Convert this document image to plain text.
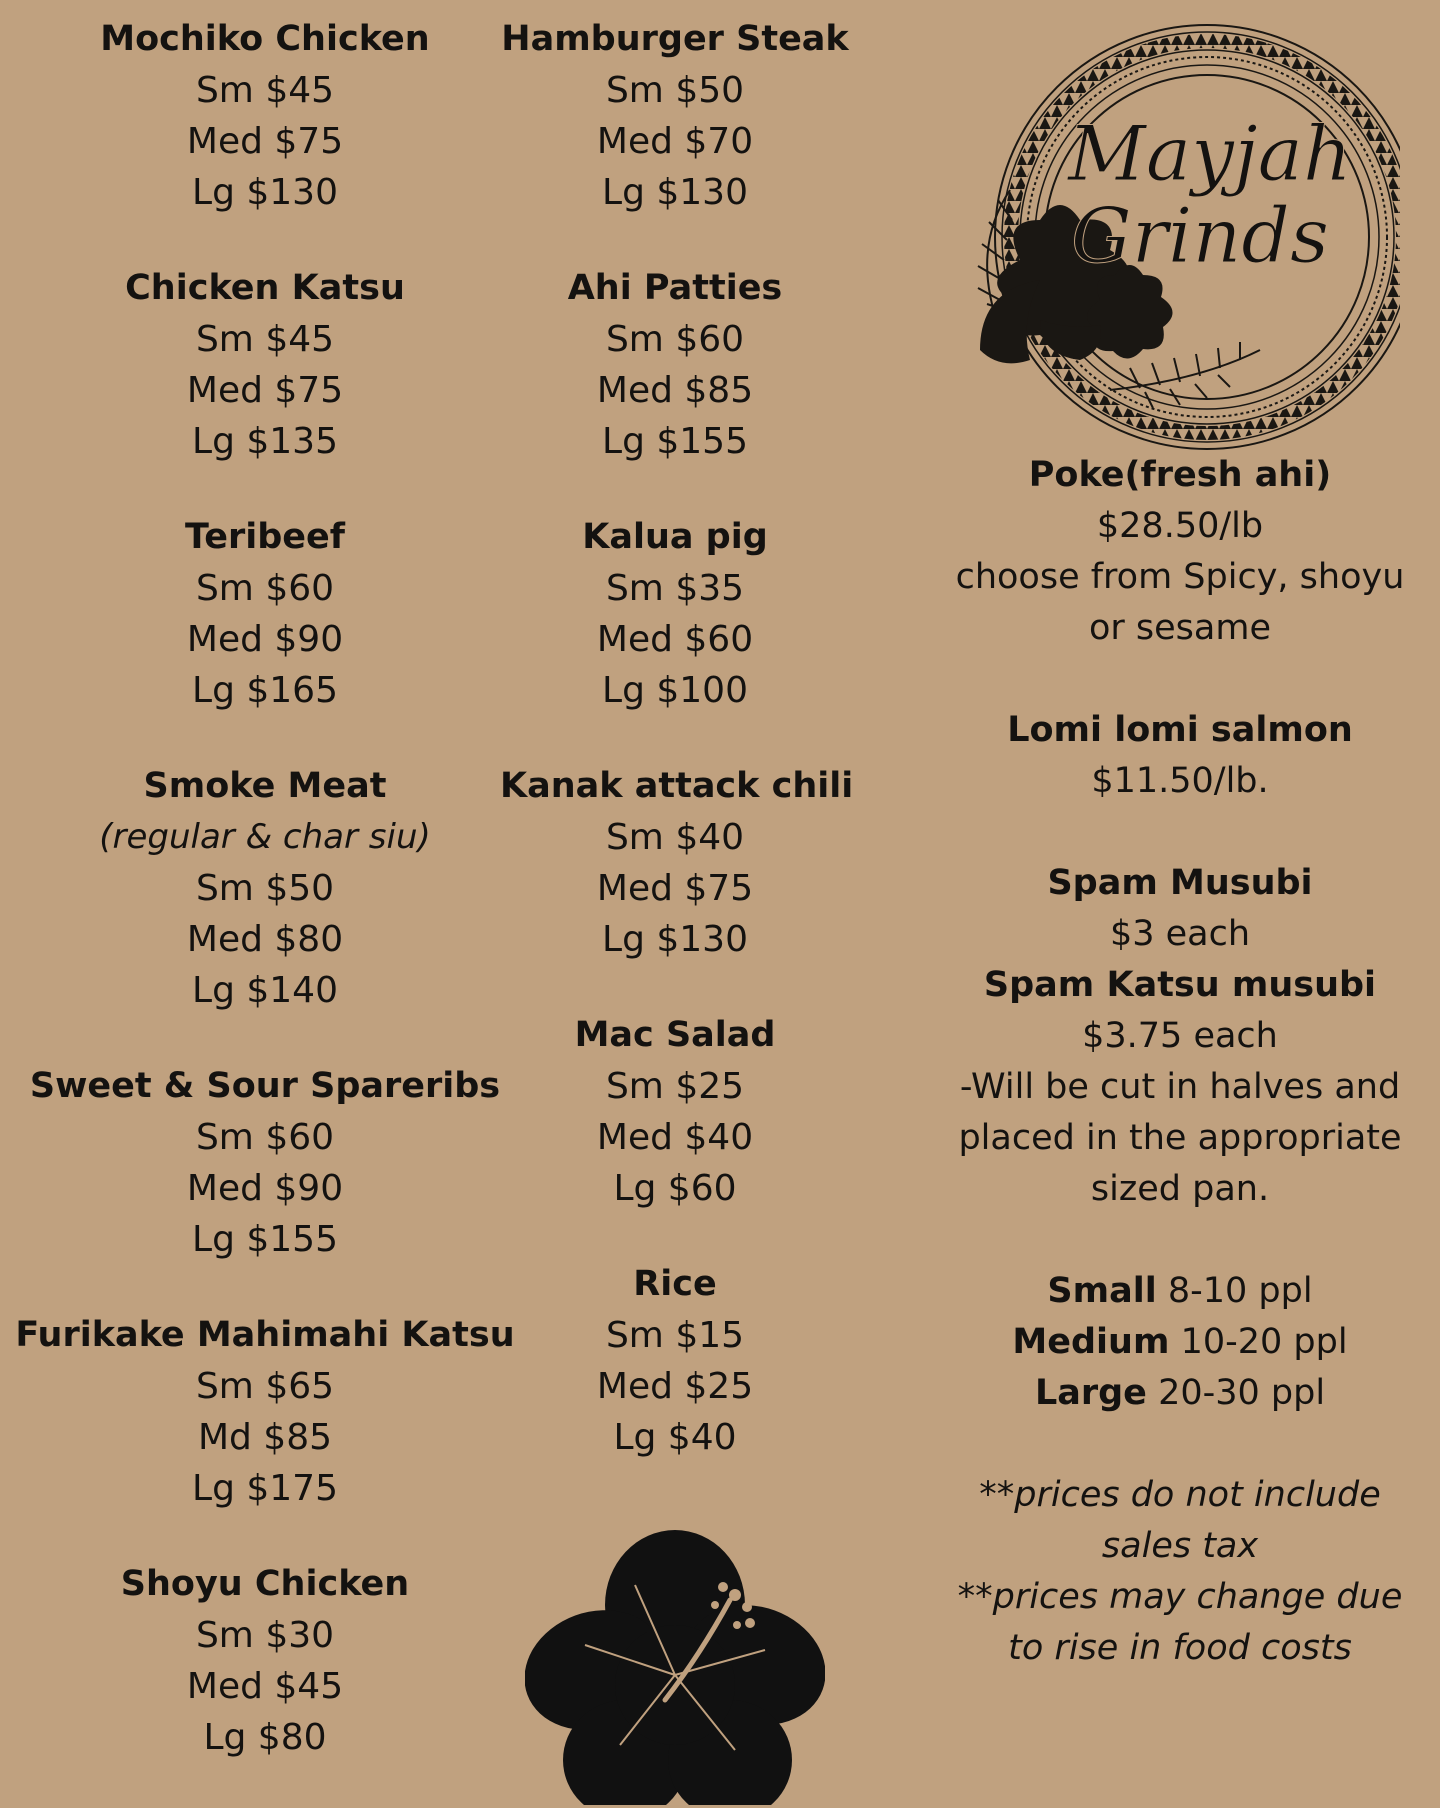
Mochiko Chicken
Sm $45
Med $75
Lg $130
Chicken Katsu
Sm $45
Med $75
Lg $135
Teribeef
Sm $60
Med $90
Lg $165
Smoke Meat
(regular & char siu)
Sm $50
Med $80
Lg $140
Sweet & Sour Spareribs
Sm $60
Med $90
Lg $155
Furikake Mahimahi Katsu
Sm $65
Md $85
Lg $175
Shoyu Chicken
Sm $30
Med $45
Lg $80
Hamburger Steak
Sm $50
Med $70
Lg $130
Ahi Patties
Sm $60
Med $85
Lg $155
Kalua pig
Sm $35
Med $60
Lg $100
Kanak attack chili
Sm $40
Med $75
Lg $130
Mac Salad
Sm $25
Med $40
Lg $60
Rice
Sm $15
Med $25
Lg $40
Mayjah
Grinds
Poke(fresh ahi)
$28.50/lb
choose from Spicy, shoyu
or sesame
Lomi lomi salmon
$11.50/lb.
Spam Musubi
$3 each
Spam Katsu musubi
$3.75 each
-Will be cut in halves and
placed in the appropriate
sized pan.
Small 8-10 ppl
Medium 10-20 ppl
Large 20-30 ppl
**prices do not include
sales tax
**prices may change due
to rise in food costs
